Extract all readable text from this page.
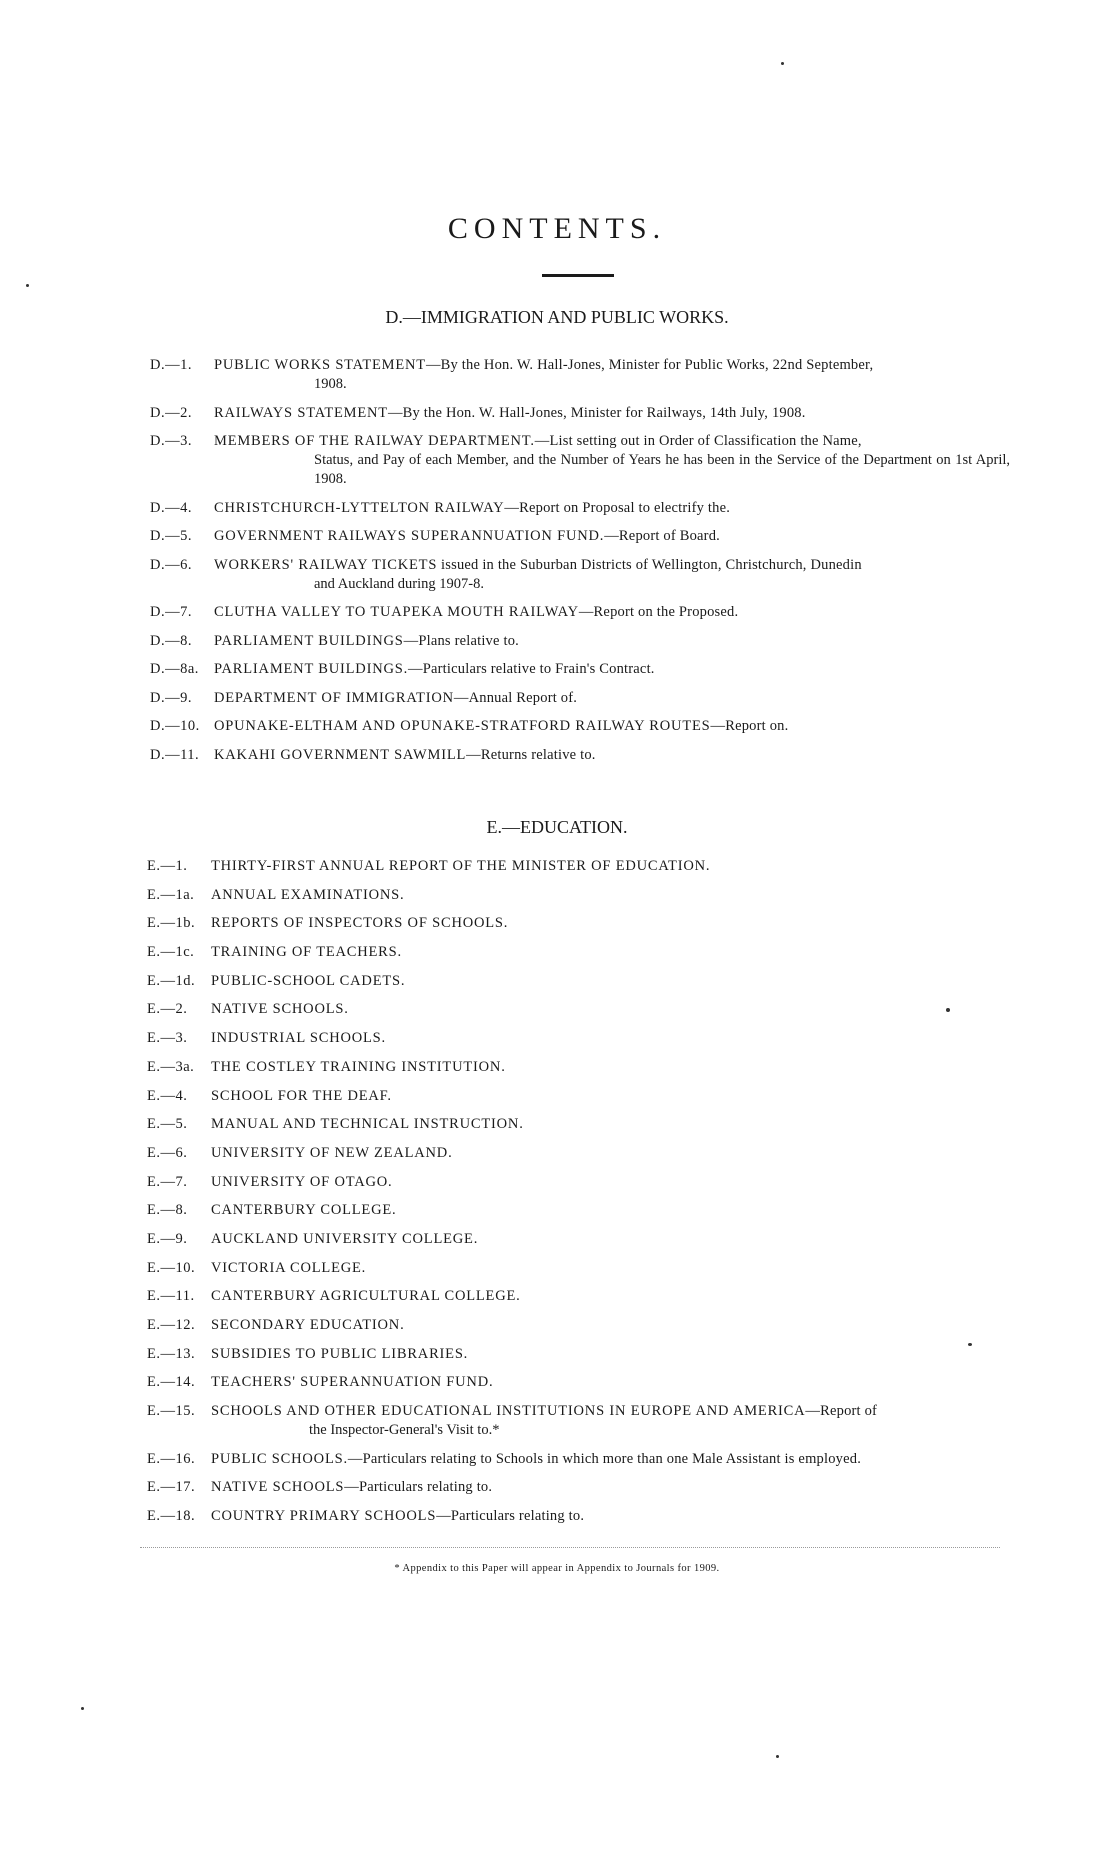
CONTENTS.
D.—IMMIGRATION AND PUBLIC WORKS.
D.—1.	PUBLIC WORKS STATEMENT—By the Hon. W. Hall-Jones, Minister for Public Works, 22nd September,
1908.
D.—2.	RAILWAYS STATEMENT—By the Hon. W. Hall-Jones, Minister for Railways, 14th July, 1908.
D.—3.	MEMBERS OF THE RAILWAY DEPARTMENT.—List setting out in Order of Classification the Name,
Status, and Pay of each Member, and the Number of Years he has been in the Service of the Department on 1st April, 1908.
D.—4.	CHRISTCHURCH-LYTTELTON RAILWAY—Report on Proposal to electrify the.
D.—5.	GOVERNMENT RAILWAYS SUPERANNUATION FUND.—Report of Board.
D.—6.	WORKERS' RAILWAY TICKETS issued in the Suburban Districts of Wellington, Christchurch, Dunedin
and Auckland during 1907-8.
D.—7.	CLUTHA VALLEY TO TUAPEKA MOUTH RAILWAY—Report on the Proposed.
D.—8.	PARLIAMENT BUILDINGS—Plans relative to.
D.—8a.	PARLIAMENT BUILDINGS.—Particulars relative to Frain's Contract.
D.—9.	DEPARTMENT OF IMMIGRATION—Annual Report of.
D.—10. OPUNAKE-ELTHAM AND OPUNAKE-STRATFORD RAILWAY ROUTES—Report on.
D.—11.	KAKAHI GOVERNMENT SAWMILL—Returns relative to.
E.—EDUCATION.
E.—1.	THIRTY-FIRST ANNUAL REPORT OF THE MINISTER OF EDUCATION.
E.—1a.	ANNUAL EXAMINATIONS.
E.—1b.	REPORTS OF INSPECTORS OF SCHOOLS.
E.—1c.	TRAINING OF TEACHERS.
E.—1d.	PUBLIC-SCHOOL CADETS.
E.—2.	NATIVE SCHOOLS.
E.—3.	INDUSTRIAL SCHOOLS.
E.—3a.	THE COSTLEY TRAINING INSTITUTION.
E.—4.	SCHOOL FOR THE DEAF.
E.—5.	MANUAL AND TECHNICAL INSTRUCTION.
E.—6.	UNIVERSITY OF NEW ZEALAND.
E.—7.	UNIVERSITY OF OTAGO.
E.—8.	CANTERBURY COLLEGE.
E.—9.	AUCKLAND UNIVERSITY COLLEGE.
E.—10.	VICTORIA COLLEGE.
E.—11.	CANTERBURY AGRICULTURAL COLLEGE.
E.—12.	SECONDARY EDUCATION.
E.—13.	SUBSIDIES TO PUBLIC LIBRARIES.
E.—14.	TEACHERS' SUPERANNUATION FUND.
E.—15.	SCHOOLS AND OTHER EDUCATIONAL INSTITUTIONS IN EUROPE AND AMERICA—Report of
the Inspector-General's Visit to.*
E.—16.	PUBLIC SCHOOLS.—Particulars relating to Schools in which more than one Male Assistant is employed.
E.—17.	NATIVE SCHOOLS—Particulars relating to.
E.—18.	COUNTRY PRIMARY SCHOOLS—Particulars relating to.

* Appendix to this Paper will appear in Appendix to Journals for 1909.
